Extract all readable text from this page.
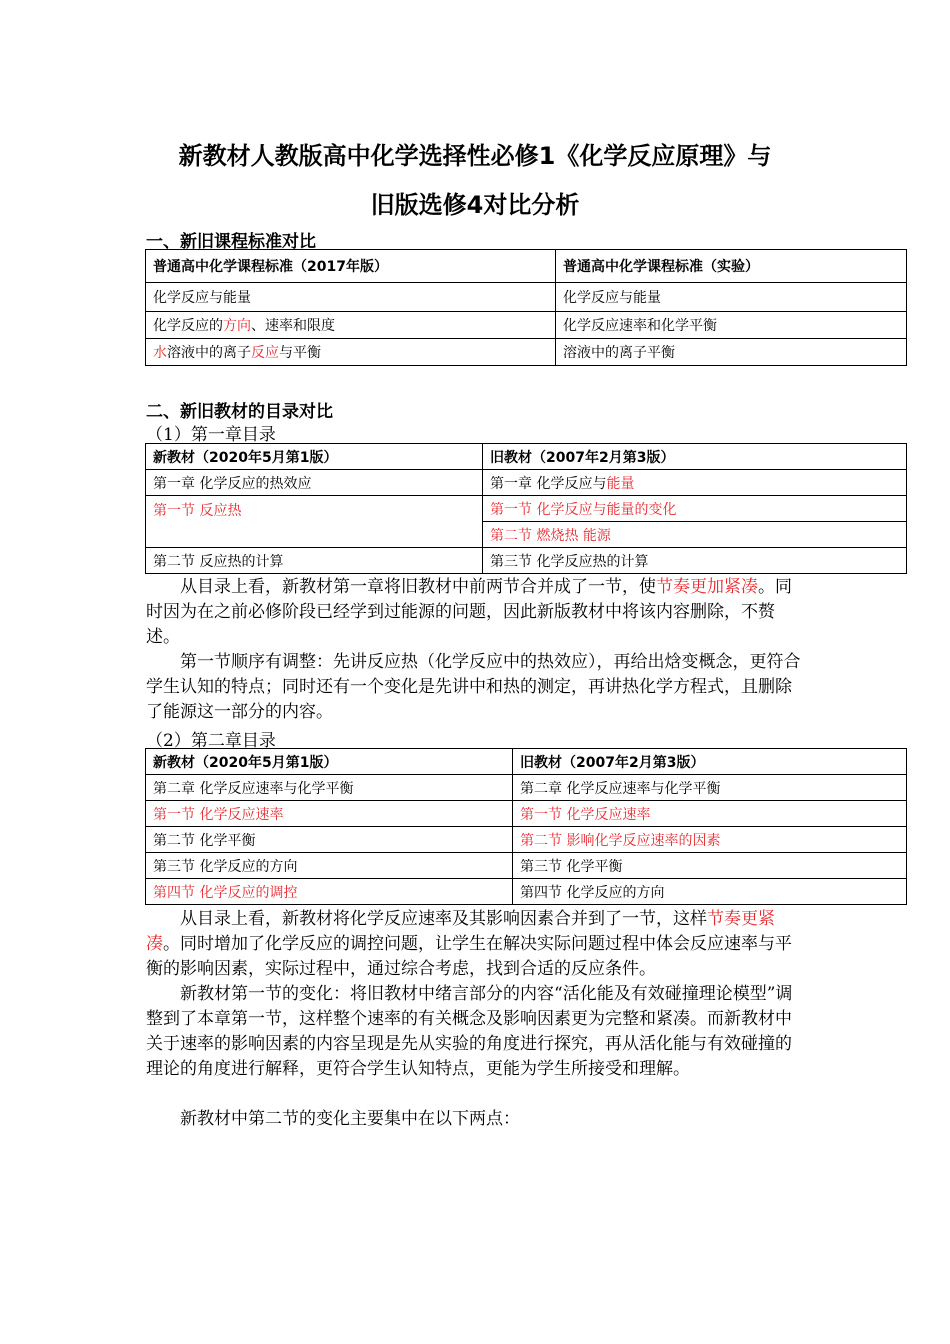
新教材人教版高中化学选择性必修1《化学反应原理》与
旧版选修4对比分析
一、新旧课程标准对比
普通高中化学课程标准（2017年版）	普通高中化学课程标准（实验）
化学反应与能量	化学反应与能量
化学反应的方向、速率和限度	化学反应速率和化学平衡
水溶液中的离子反应与平衡	溶液中的离子平衡
二、新旧教材的目录对比
（1）第一章目录
新教材（2020年5月第1版）	旧教材（2007年2月第3版）
第一章 化学反应的热效应	第一章 化学反应与能量
第一节 反应热	第一节 化学反应与能量的变化
	第二节 燃烧热 能源
第二节 反应热的计算	第三节 化学反应热的计算

从目录上看，新教材第一章将旧教材中前两节合并成了一节，使节奏更加紧凑。同时因为在之前必修阶段已经学到过能源的问题，因此新版教材中将该内容删除，不赘述。

第一节顺序有调整：先讲反应热（化学反应中的热效应），再给出焓变概念，更符合学生认知的特点；同时还有一个变化是先讲中和热的测定，再讲热化学方程式，且删除了能源这一部分的内容。

（2）第二章目录
新教材（2020年5月第1版）	旧教材（2007年2月第3版）
第二章 化学反应速率与化学平衡	第二章 化学反应速率与化学平衡
第一节 化学反应速率	第一节 化学反应速率
第二节 化学平衡	第二节 影响化学反应速率的因素
第三节 化学反应的方向	第三节 化学平衡
第四节 化学反应的调控	第四节 化学反应的方向

从目录上看，新教材将化学反应速率及其影响因素合并到了一节，这样节奏更紧凑。同时增加了化学反应的调控问题，让学生在解决实际问题过程中体会反应速率与平衡的影响因素，实际过程中，通过综合考虑，找到合适的反应条件。

新教材第一节的变化：将旧教材中绪言部分的内容“活化能及有效碰撞理论模型”调整到了本章第一节，这样整个速率的有关概念及影响因素更为完整和紧凑。而新教材中关于速率的影响因素的内容呈现是先从实验的角度进行探究，再从活化能与有效碰撞的理论的角度进行解释，更符合学生认知特点，更能为学生所接受和理解。

新教材中第二节的变化主要集中在以下两点：
